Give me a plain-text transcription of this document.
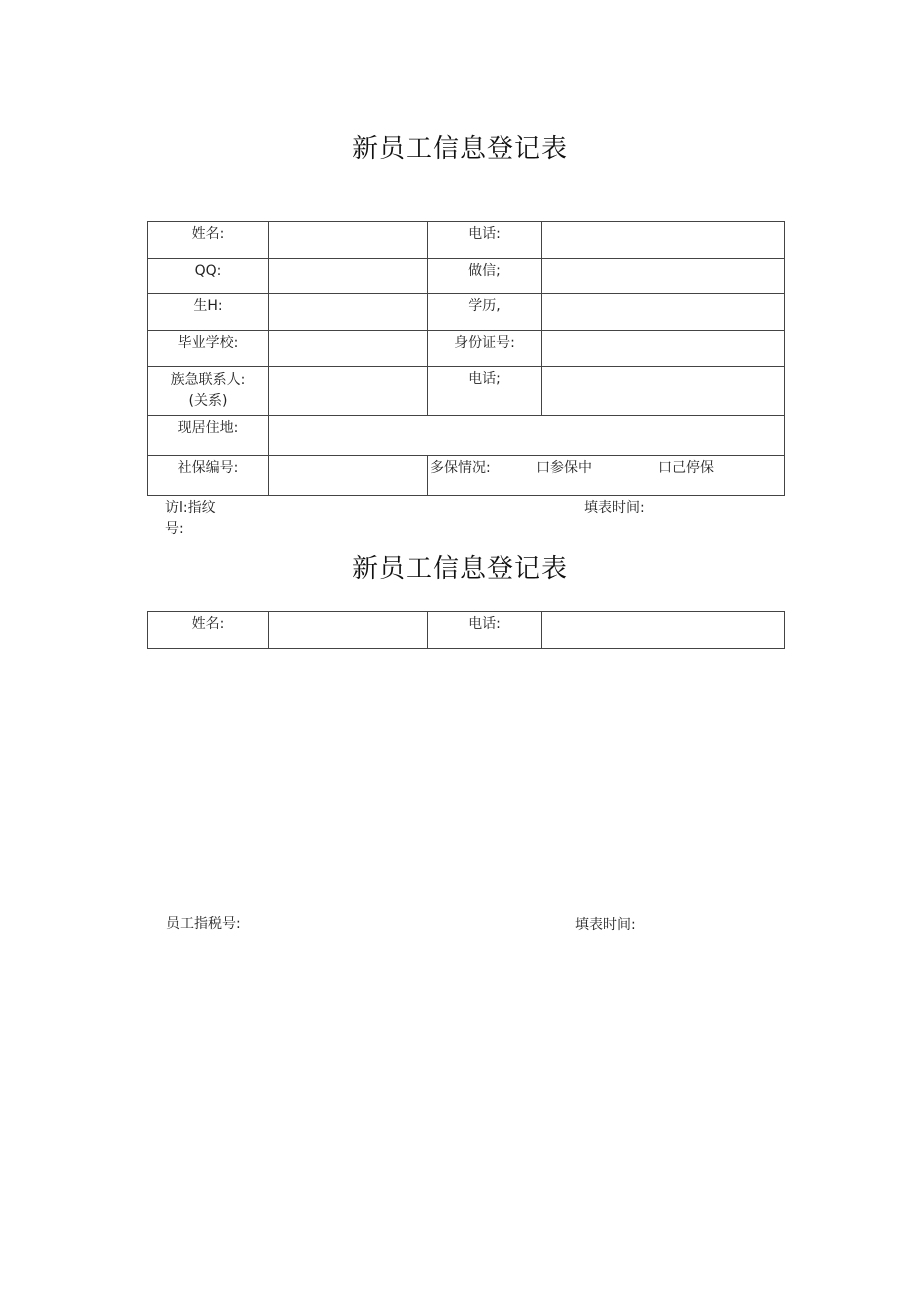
新员工信息登记表
姓名:		电话:	
QQ:		做信;	
生H:		学历,	
毕业学校:		身份证号:	

族急联系人:
(关系)		电话;	
现居住地:			
社保编号:		多保情况: 口参保中 口己停保	
访l:指纹
号:
填表时间:
新员工信息登记表
姓名:		电话:	
员工指税号:	填表时间:
